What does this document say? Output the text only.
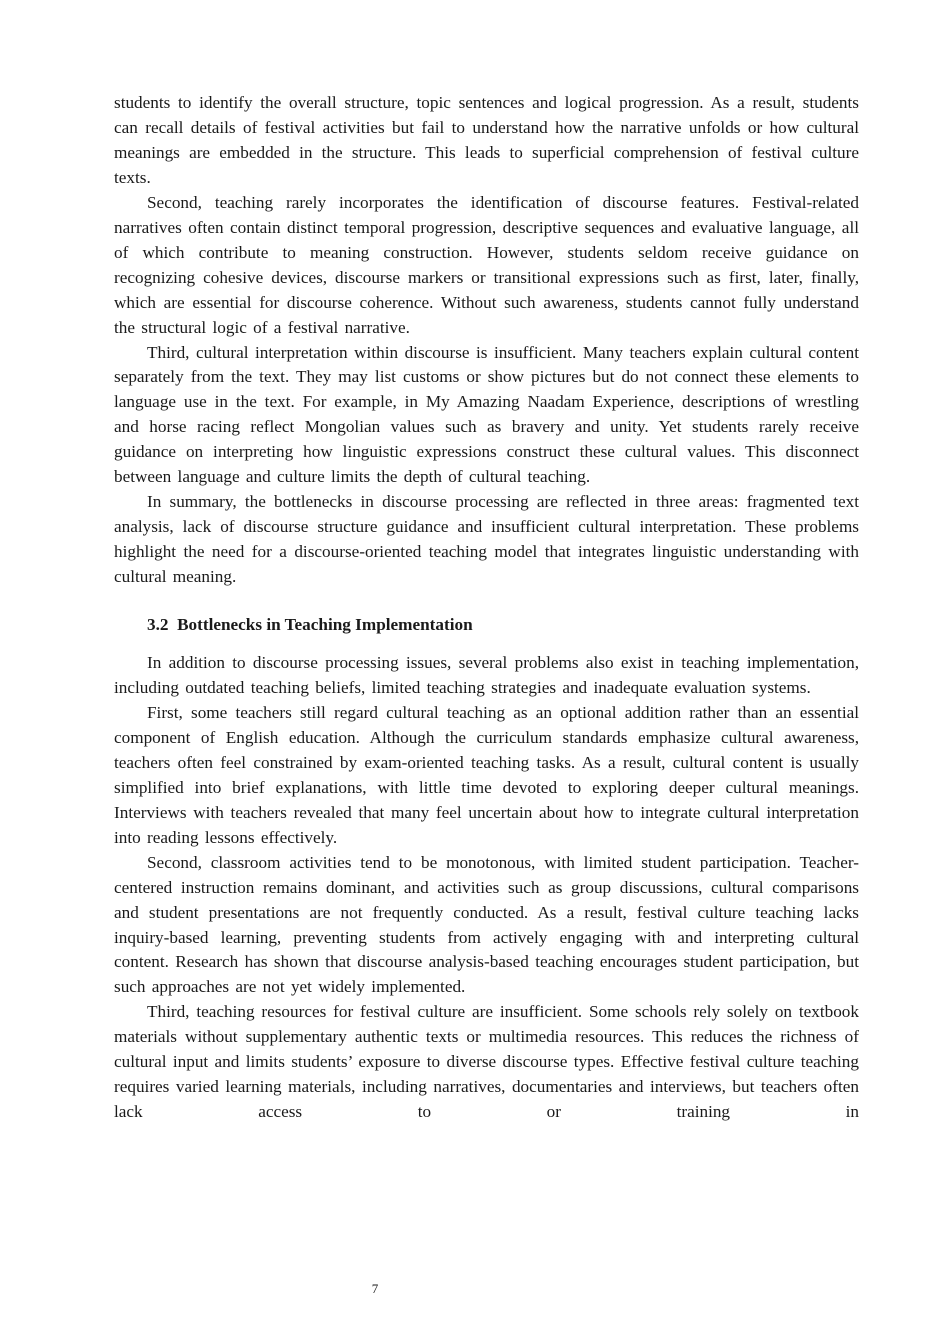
students to identify the overall structure, topic sentences and logical progression. As a result, students can recall details of festival activities but fail to understand how the narrative unfolds or how cultural meanings are embedded in the structure. This leads to superficial comprehension of festival culture texts.

Second, teaching rarely incorporates the identification of discourse features. Festival-related narratives often contain distinct temporal progression, descriptive sequences and evaluative language, all of which contribute to meaning construction. However, students seldom receive guidance on recognizing cohesive devices, discourse markers or transitional expressions such as first, later, finally, which are essential for discourse coherence. Without such awareness, students cannot fully understand the structural logic of a festival narrative.

Third, cultural interpretation within discourse is insufficient. Many teachers explain cultural content separately from the text. They may list customs or show pictures but do not connect these elements to language use in the text. For example, in My Amazing Naadam Experience, descriptions of wrestling and horse racing reflect Mongolian values such as bravery and unity. Yet students rarely receive guidance on interpreting how linguistic expressions construct these cultural values. This disconnect between language and culture limits the depth of cultural teaching.

In summary, the bottlenecks in discourse processing are reflected in three areas: fragmented text analysis, lack of discourse structure guidance and insufficient cultural interpretation. These problems highlight the need for a discourse-oriented teaching model that integrates linguistic understanding with cultural meaning.

3.2  Bottlenecks in Teaching Implementation

In addition to discourse processing issues, several problems also exist in teaching implementation, including outdated teaching beliefs, limited teaching strategies and inadequate evaluation systems.

First, some teachers still regard cultural teaching as an optional addition rather than an essential component of English education. Although the curriculum standards emphasize cultural awareness, teachers often feel constrained by exam-oriented teaching tasks. As a result, cultural content is usually simplified into brief explanations, with little time devoted to exploring deeper cultural meanings. Interviews with teachers revealed that many feel uncertain about how to integrate cultural interpretation into reading lessons effectively.

Second, classroom activities tend to be monotonous, with limited student participation. Teacher-centered instruction remains dominant, and activities such as group discussions, cultural comparisons and student presentations are not frequently conducted. As a result, festival culture teaching lacks inquiry-based learning, preventing students from actively engaging with and interpreting cultural content. Research has shown that discourse analysis-based teaching encourages student participation, but such approaches are not yet widely implemented.

Third, teaching resources for festival culture are insufficient. Some schools rely solely on textbook materials without supplementary authentic texts or multimedia resources. This reduces the richness of cultural input and limits students’ exposure to diverse discourse types. Effective festival culture teaching requires varied learning materials, including narratives, documentaries and interviews, but teachers often lack access to or training in

7
